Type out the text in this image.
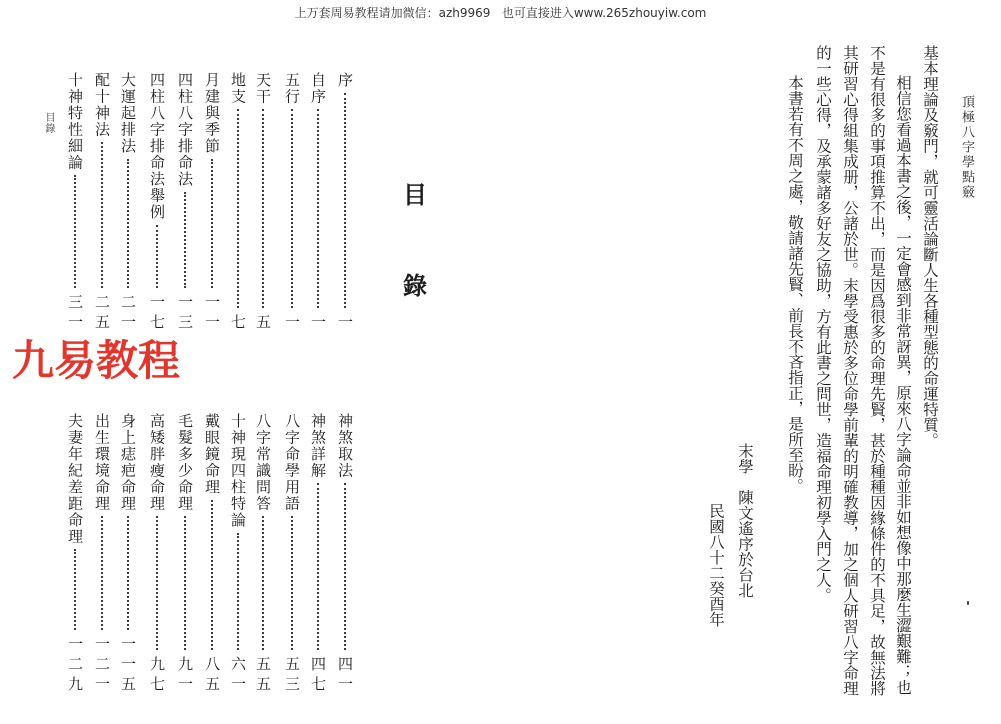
上万套周易教程请加微信：azh9969   也可直接进入www.265zhouyiw.com
頂極八字學點竅
基本理論及竅門，就可靈活論斷人生各種型態的命運特質。
相信您看過本書之後，一定會感到非常訝異，原來八字論命並非如想像中那麼生澀艱難；也
不是有很多的事項推算不出，而是因爲很多的命理先賢，甚於種種因緣條件的不具足，故無法將
其研習心得組集成册，公諸於世。末學受惠於多位命學前輩的明確教導，加之個人研習八字命理
的一些心得，及承蒙諸多好友之協助，方有此書之問世，造福命理初學入門之人。
本書若有不周之處，敬請諸先賢、前長不吝指正，是所至盼。
末學　陳文遙序於台北
民國八十二癸酉年
目
錄
序
一
自序
一
五行
一
天干
五
地支
七
月建與季節
一一
四柱八字排命法
一三
四柱八字排命法舉例
一七
大運起排法
二一
配十神法
二五
十神特性細論
三一
神煞取法
四一
神煞詳解
四七
八字命學用語
五三
八字常識問答
五五
十神現四柱特論
六一
戴眼鏡命理
八五
毛髮多少命理
九一
高矮胖瘦命理
九七
身上痣疤命理
一一五
出生環境命理
一二一
夫妻年紀差距命理
一二九
目錄
九易教程
